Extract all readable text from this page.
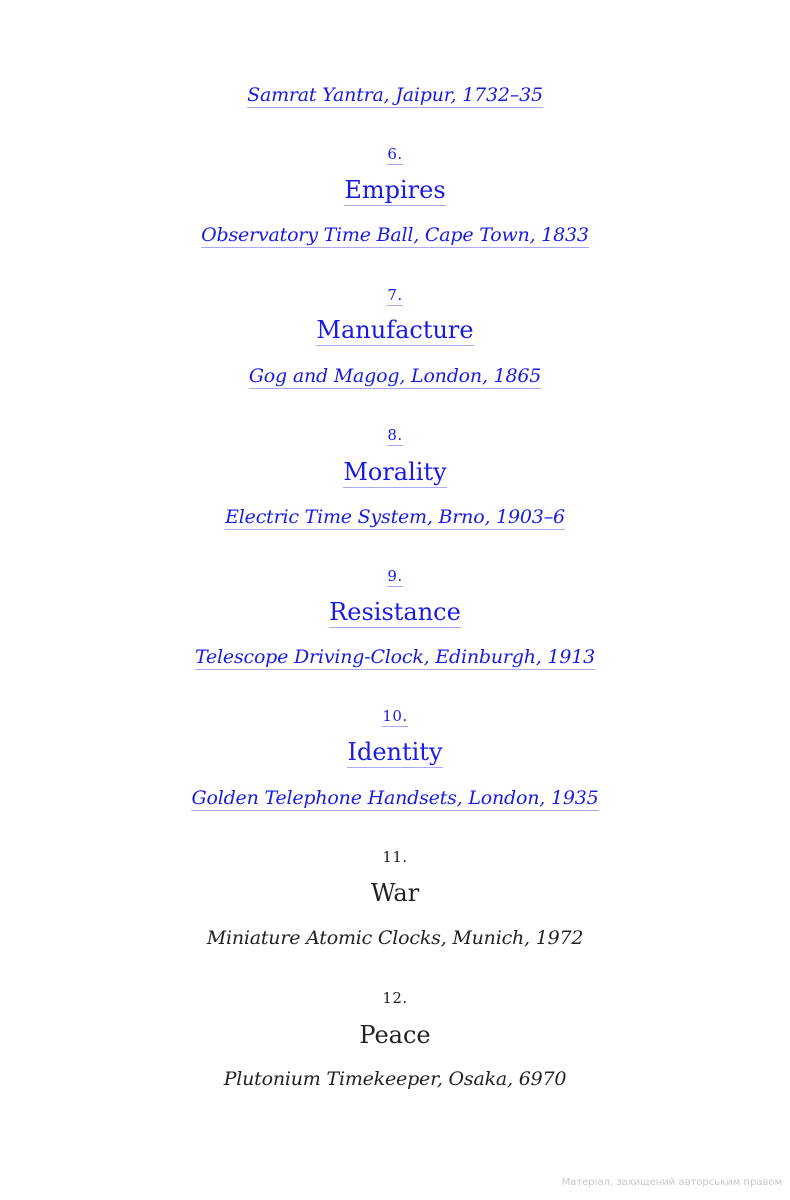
Samrat Yantra, Jaipur, 1732–35
6.
Empires
Observatory Time Ball, Cape Town, 1833
7.
Manufacture
Gog and Magog, London, 1865
8.
Morality
Electric Time System, Brno, 1903–6
9.
Resistance
Telescope Driving-Clock, Edinburgh, 1913
10.
Identity
Golden Telephone Handsets, London, 1935
11.
War
Miniature Atomic Clocks, Munich, 1972
12.
Peace
Plutonium Timekeeper, Osaka, 6970
Матеріал, захищений авторським правом
